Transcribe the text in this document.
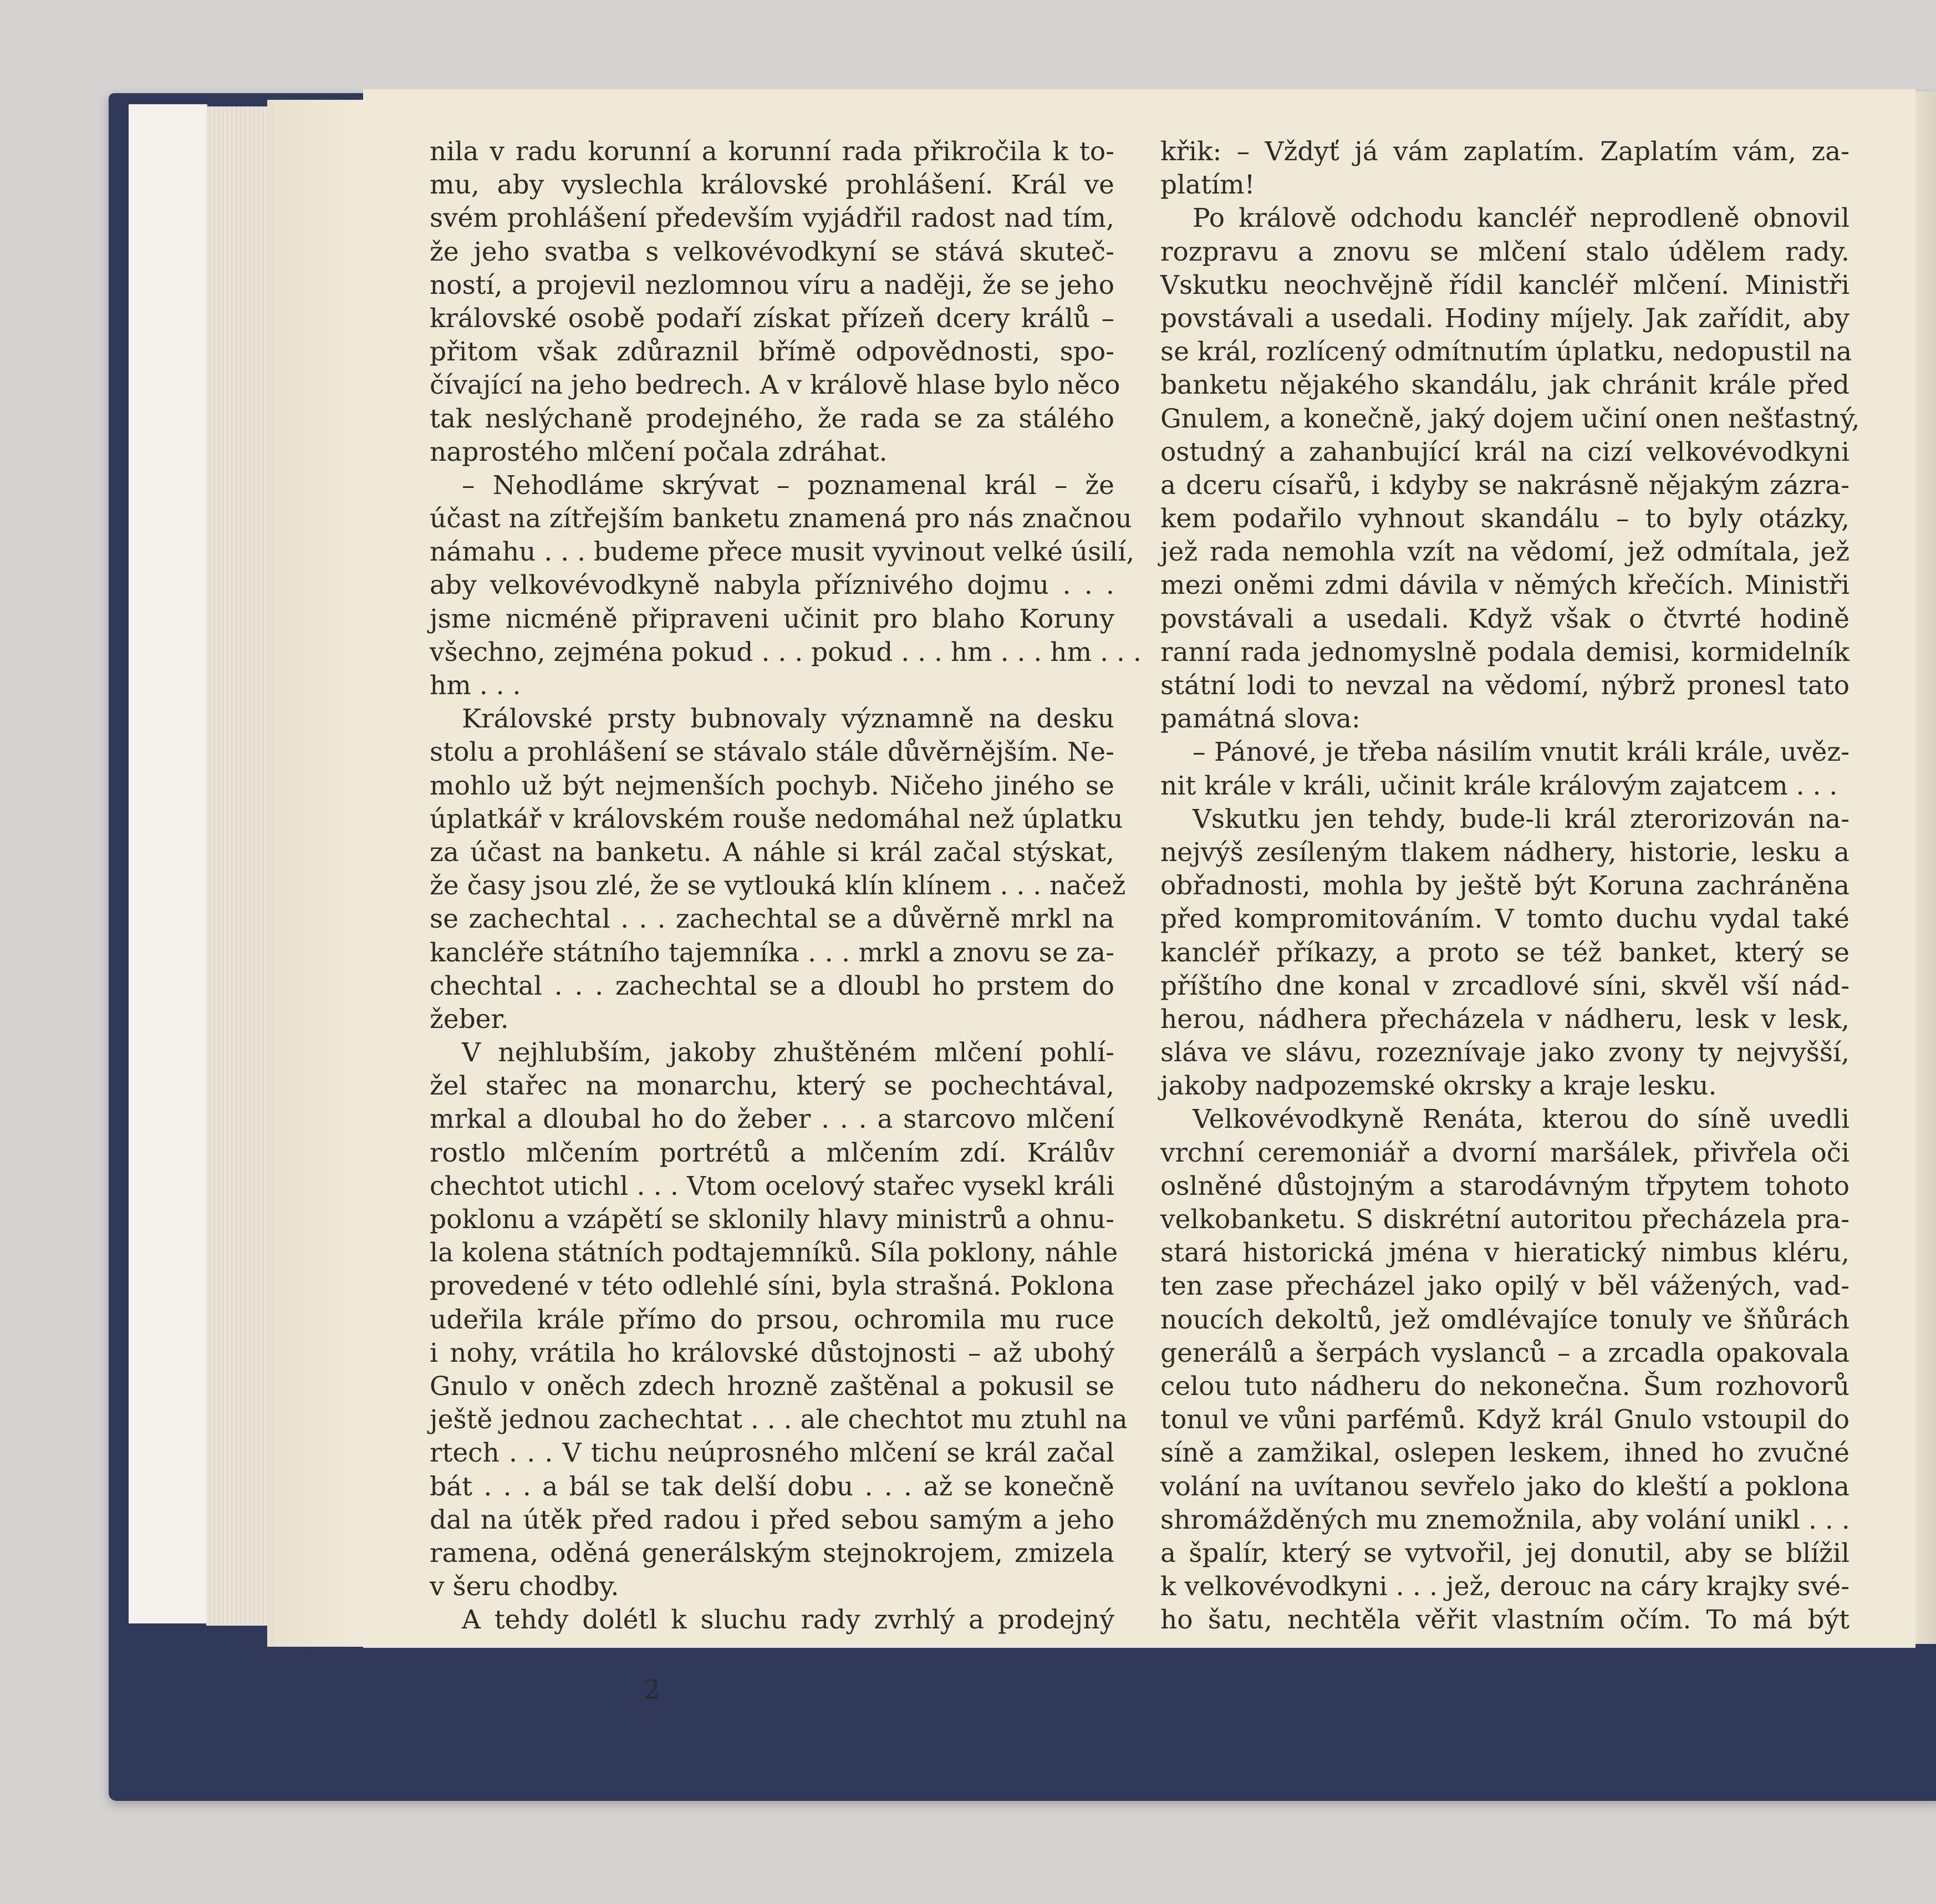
nila v radu korunní a korunní rada přikročila k to-
mu, aby vyslechla královské prohlášení. Král ve
svém prohlášení především vyjádřil radost nad tím,
že jeho svatba s velkovévodkyní se stává skuteč-
ností, a projevil nezlomnou víru a naději, že se jeho
královské osobě podaří získat přízeň dcery králů –
přitom však zdůraznil břímě odpovědnosti, spo-
čívající na jeho bedrech. A v králově hlase bylo něco
tak neslýchaně prodejného, že rada se za stálého
naprostého mlčení počala zdráhat.
– Nehodláme skrývat – poznamenal král – že
účast na zítřejším banketu znamená pro nás značnou
námahu . . . budeme přece musit vyvinout velké úsilí,
aby velkovévodkyně nabyla příznivého dojmu . . .
jsme nicméně připraveni učinit pro blaho Koruny
všechno, zejména pokud . . . pokud . . . hm . . . hm . . .
hm . . .
Královské prsty bubnovaly významně na desku
stolu a prohlášení se stávalo stále důvěrnějším. Ne-
mohlo už být nejmenších pochyb. Ničeho jiného se
úplatkář v královském rouše nedomáhal než úplatku
za účast na banketu. A náhle si král začal stýskat,
že časy jsou zlé, že se vytlouká klín klínem . . . načež
se zachechtal . . . zachechtal se a důvěrně mrkl na
kancléře státního tajemníka . . . mrkl a znovu se za-
chechtal . . . zachechtal se a dloubl ho prstem do
žeber.
V nejhlubším, jakoby zhuštěném mlčení pohlí-
žel stařec na monarchu, který se pochechtával,
mrkal a dloubal ho do žeber . . . a starcovo mlčení
rostlo mlčením portrétů a mlčením zdí. Králův
chechtot utichl . . . Vtom ocelový stařec vysekl králi
poklonu a vzápětí se sklonily hlavy ministrů a ohnu-
la kolena státních podtajemníků. Síla poklony, náhle
provedené v této odlehlé síni, byla strašná. Poklona
udeřila krále přímo do prsou, ochromila mu ruce
i nohy, vrátila ho královské důstojnosti – až ubohý
Gnulo v oněch zdech hrozně zaštěnal a pokusil se
ještě jednou zachechtat . . . ale chechtot mu ztuhl na
rtech . . . V tichu neúprosného mlčení se král začal
bát . . . a bál se tak delší dobu . . . až se konečně
dal na útěk před radou i před sebou samým a jeho
ramena, oděná generálským stejnokrojem, zmizela
v šeru chodby.
A tehdy dolétl k sluchu rady zvrhlý a prodejný
křik: – Vždyť já vám zaplatím. Zaplatím vám, za-
platím!
Po králově odchodu kancléř neprodleně obnovil
rozpravu a znovu se mlčení stalo údělem rady.
Vskutku neochvějně řídil kancléř mlčení. Ministři
povstávali a usedali. Hodiny míjely. Jak zařídit, aby
se král, rozlícený odmítnutím úplatku, nedopustil na
banketu nějakého skandálu, jak chránit krále před
Gnulem, a konečně, jaký dojem učiní onen nešťastný,
ostudný a zahanbující král na cizí velkovévodkyni
a dceru císařů, i kdyby se nakrásně nějakým zázra-
kem podařilo vyhnout skandálu – to byly otázky,
jež rada nemohla vzít na vědomí, jež odmítala, jež
mezi oněmi zdmi dávila v němých křečích. Ministři
povstávali a usedali. Když však o čtvrté hodině
ranní rada jednomyslně podala demisi, kormidelník
státní lodi to nevzal na vědomí, nýbrž pronesl tato
památná slova:
– Pánové, je třeba násilím vnutit králi krále, uvěz-
nit krále v králi, učinit krále královým zajatcem . . .
Vskutku jen tehdy, bude-li král zterorizován na-
nejvýš zesíleným tlakem nádhery, historie, lesku a
obřadnosti, mohla by ještě být Koruna zachráněna
před kompromitováním. V tomto duchu vydal také
kancléř příkazy, a proto se též banket, který se
příštího dne konal v zrcadlové síni, skvěl vší nád-
herou, nádhera přecházela v nádheru, lesk v lesk,
sláva ve slávu, rozeznívaje jako zvony ty nejvyšší,
jakoby nadpozemské okrsky a kraje lesku.
Velkovévodkyně Renáta, kterou do síně uvedli
vrchní ceremoniář a dvorní maršálek, přivřela oči
oslněné důstojným a starodávným třpytem tohoto
velkobanketu. S diskrétní autoritou přecházela pra-
stará historická jména v hieratický nimbus kléru,
ten zase přecházel jako opilý v běl vážených, vad-
noucích dekoltů, jež omdlévajíce tonuly ve šňůrách
generálů a šerpách vyslanců – a zrcadla opakovala
celou tuto nádheru do nekonečna. Šum rozhovorů
tonul ve vůni parfémů. Když král Gnulo vstoupil do
síně a zamžikal, oslepen leskem, ihned ho zvučné
volání na uvítanou sevřelo jako do kleští a poklona
shromážděných mu znemožnila, aby volání unikl . . .
a špalír, který se vytvořil, jej donutil, aby se blížil
k velkovévodkyni . . . jež, derouc na cáry krajky své-
ho šatu, nechtěla věřit vlastním očím. To má být
2
